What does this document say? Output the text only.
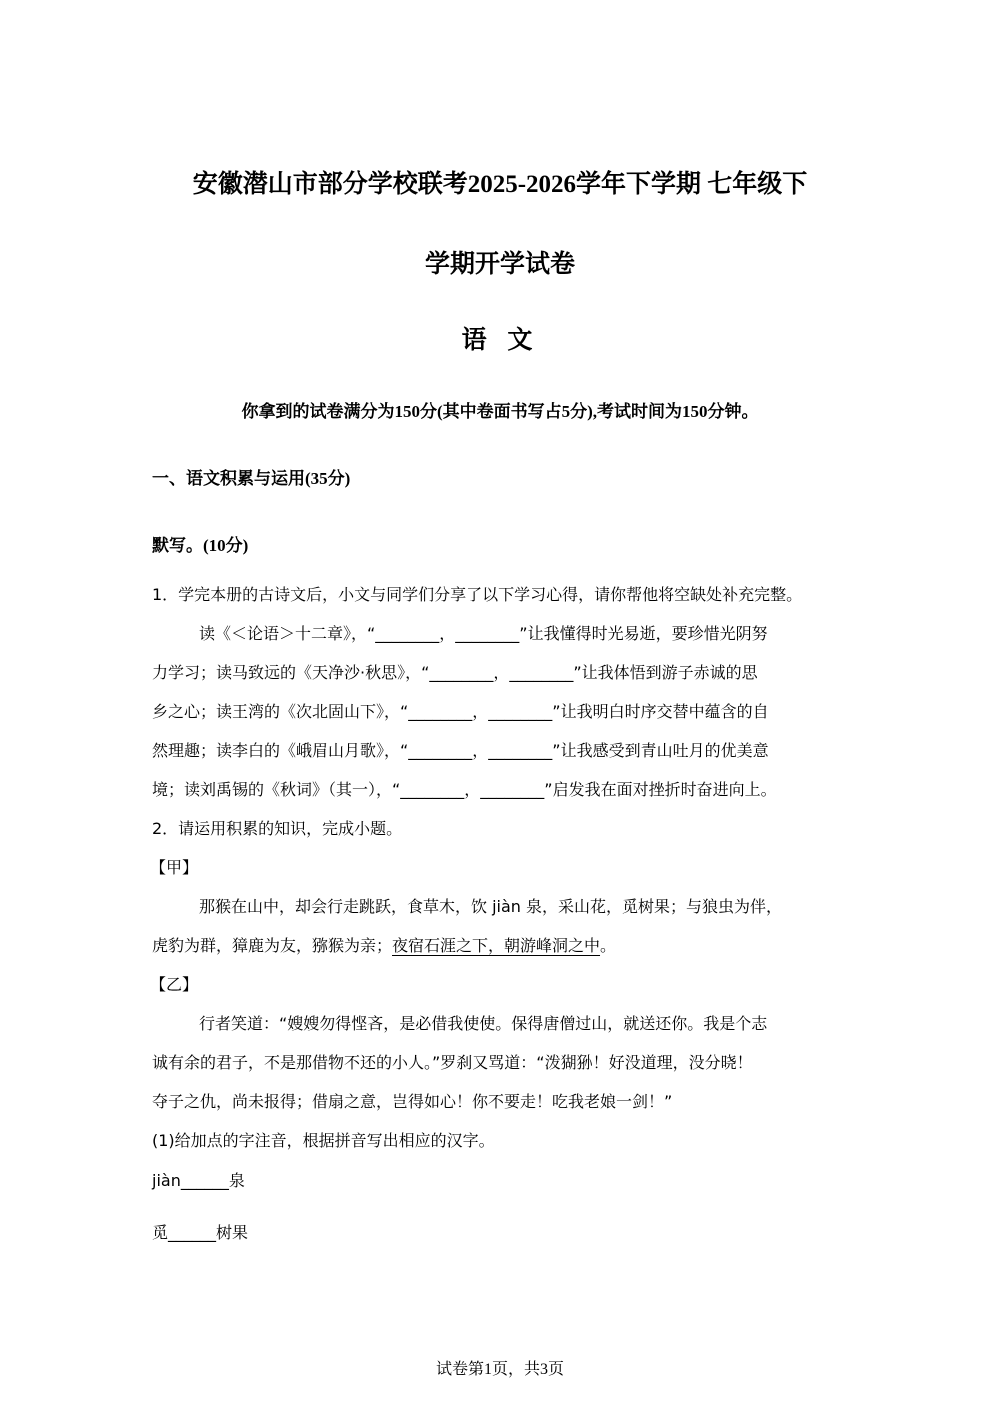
安徽潜山市部分学校联考2025-2026学年下学期 七年级下
学期开学试卷
语 文
你拿到的试卷满分为150分(其中卷面书写占5分),考试时间为150分钟。
一、语文积累与运用(35分)
默写。(10分)
1．学完本册的古诗文后，小文与同学们分享了以下学习心得，请你帮他将空缺处补充完整。
读《＜论语＞十二章》，“________，________”让我懂得时光易逝，要珍惜光阴努
力学习；读马致远的《天净沙·秋思》，“________，________”让我体悟到游子赤诚的思
乡之心；读王湾的《次北固山下》，“________，________”让我明白时序交替中蕴含的自
然理趣；读李白的《峨眉山月歌》，“________，________”让我感受到青山吐月的优美意
境；读刘禹锡的《秋词》（其一），“________，________”启发我在面对挫折时奋进向上。
2．请运用积累的知识，完成小题。
【甲】
那猴在山中，却会行走跳跃，食草木，饮 jiàn 泉，采山花，觅树果；与狼虫为伴，
虎豹为群，獐鹿为友，猕猴为亲；夜宿石涯之下，朝游峰洞之中。
【乙】
行者笑道：“嫂嫂勿得悭吝，是必借我使使。保得唐僧过山，就送还你。我是个志
诚有余的君子，不是那借物不还的小人。”罗刹又骂道：“泼猢狲！好没道理，没分晓！
夺子之仇，尚未报得；借扇之意，岂得如心！你不要走！吃我老娘一剑！”
(1)给加点的字注音，根据拼音写出相应的汉字。
jiàn______泉
觅______树果
试卷第1页，共3页
